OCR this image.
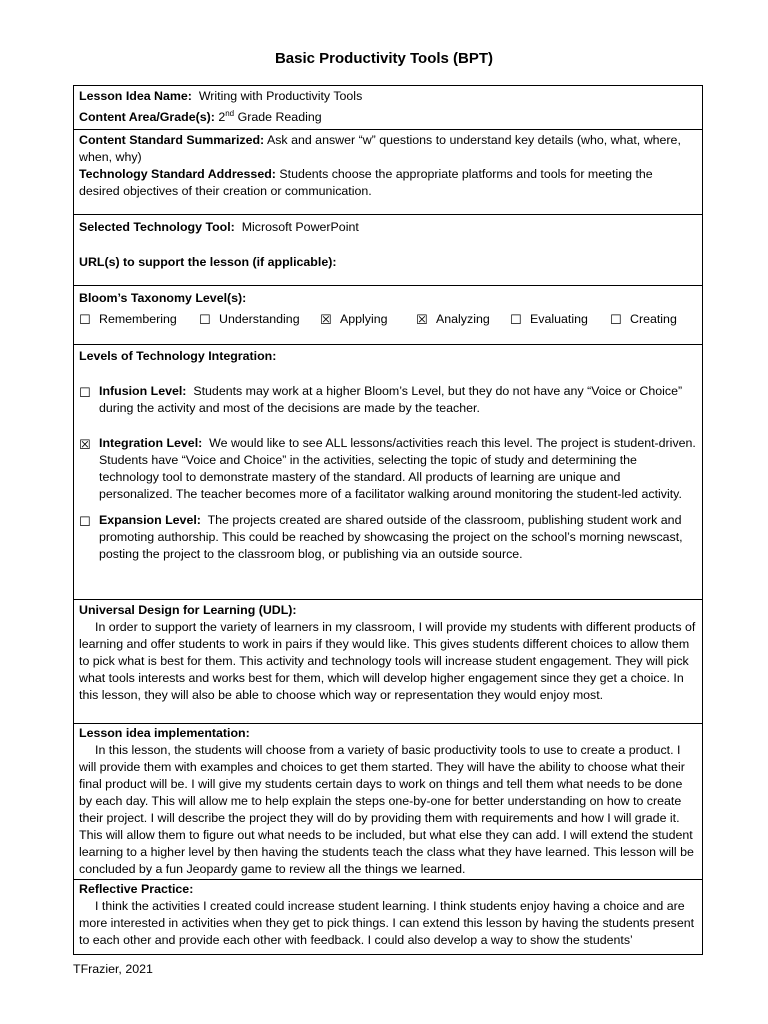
Basic Productivity Tools (BPT)
Lesson Idea Name: Writing with Productivity Tools
Content Area/Grade(s): 2nd Grade Reading
Content Standard Summarized: Ask and answer “w” questions to understand key details (who, what, where, when, why)
Technology Standard Addressed: Students choose the appropriate platforms and tools for meeting the desired objectives of their creation or communication.
Selected Technology Tool: Microsoft PowerPoint
URL(s) to support the lesson (if applicable):
Bloom’s Taxonomy Level(s):
☐ Remembering ☐ Understanding ☒ Applying ☒ Analyzing ☐ Evaluating ☐ Creating
Levels of Technology Integration:
☐ Infusion Level: Students may work at a higher Bloom’s Level, but they do not have any “Voice or Choice” during the activity and most of the decisions are made by the teacher.
☒ Integration Level: We would like to see ALL lessons/activities reach this level. The project is student-driven. Students have “Voice and Choice” in the activities, selecting the topic of study and determining the technology tool to demonstrate mastery of the standard. All products of learning are unique and personalized. The teacher becomes more of a facilitator walking around monitoring the student-led activity.
☐ Expansion Level: The projects created are shared outside of the classroom, publishing student work and promoting authorship. This could be reached by showcasing the project on the school’s morning newscast, posting the project to the classroom blog, or publishing via an outside source.
Universal Design for Learning (UDL):
In order to support the variety of learners in my classroom, I will provide my students with different products of learning and offer students to work in pairs if they would like. This gives students different choices to allow them to pick what is best for them. This activity and technology tools will increase student engagement. They will pick what tools interests and works best for them, which will develop higher engagement since they get a choice. In this lesson, they will also be able to choose which way or representation they would enjoy most.
Lesson idea implementation:
In this lesson, the students will choose from a variety of basic productivity tools to use to create a product. I will provide them with examples and choices to get them started. They will have the ability to choose what their final product will be. I will give my students certain days to work on things and tell them what needs to be done by each day. This will allow me to help explain the steps one-by-one for better understanding on how to create their project. I will describe the project they will do by providing them with requirements and how I will grade it. This will allow them to figure out what needs to be included, but what else they can add. I will extend the student learning to a higher level by then having the students teach the class what they have learned. This lesson will be concluded by a fun Jeopardy game to review all the things we learned.
Reflective Practice:
I think the activities I created could increase student learning. I think students enjoy having a choice and are more interested in activities when they get to pick things. I can extend this lesson by having the students present to each other and provide each other with feedback. I could also develop a way to show the students’
TFrazier, 2021
